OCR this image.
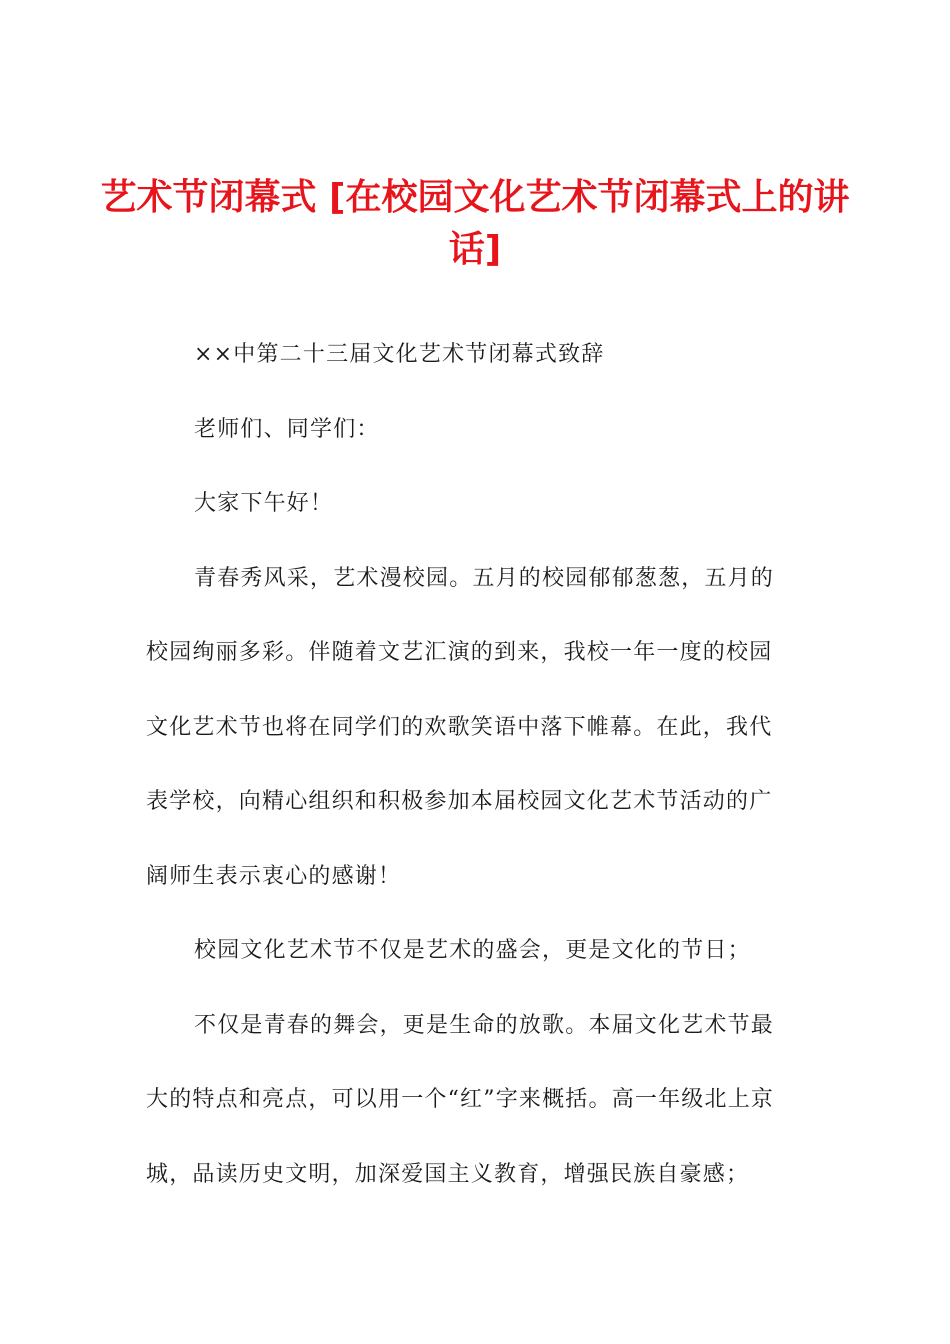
艺术节闭幕式 [在校园文化艺术节闭幕式上的讲话]

××中第二十三届文化艺术节闭幕式致辞

老师们、同学们：

大家下午好！

青春秀风采，艺术漫校园。五月的校园郁郁葱葱，五月的校园绚丽多彩。伴随着文艺汇演的到来，我校一年一度的校园文化艺术节也将在同学们的欢歌笑语中落下帷幕。在此，我代表学校，向精心组织和积极参加本届校园文化艺术节活动的广阔师生表示衷心的感谢！

校园文化艺术节不仅是艺术的盛会，更是文化的节日；

不仅是青春的舞会，更是生命的放歌。本届文化艺术节最大的特点和亮点，可以用一个“红”字来概括。高一年级北上京城，品读历史文明，加深爱国主义教育，增强民族自豪感；
